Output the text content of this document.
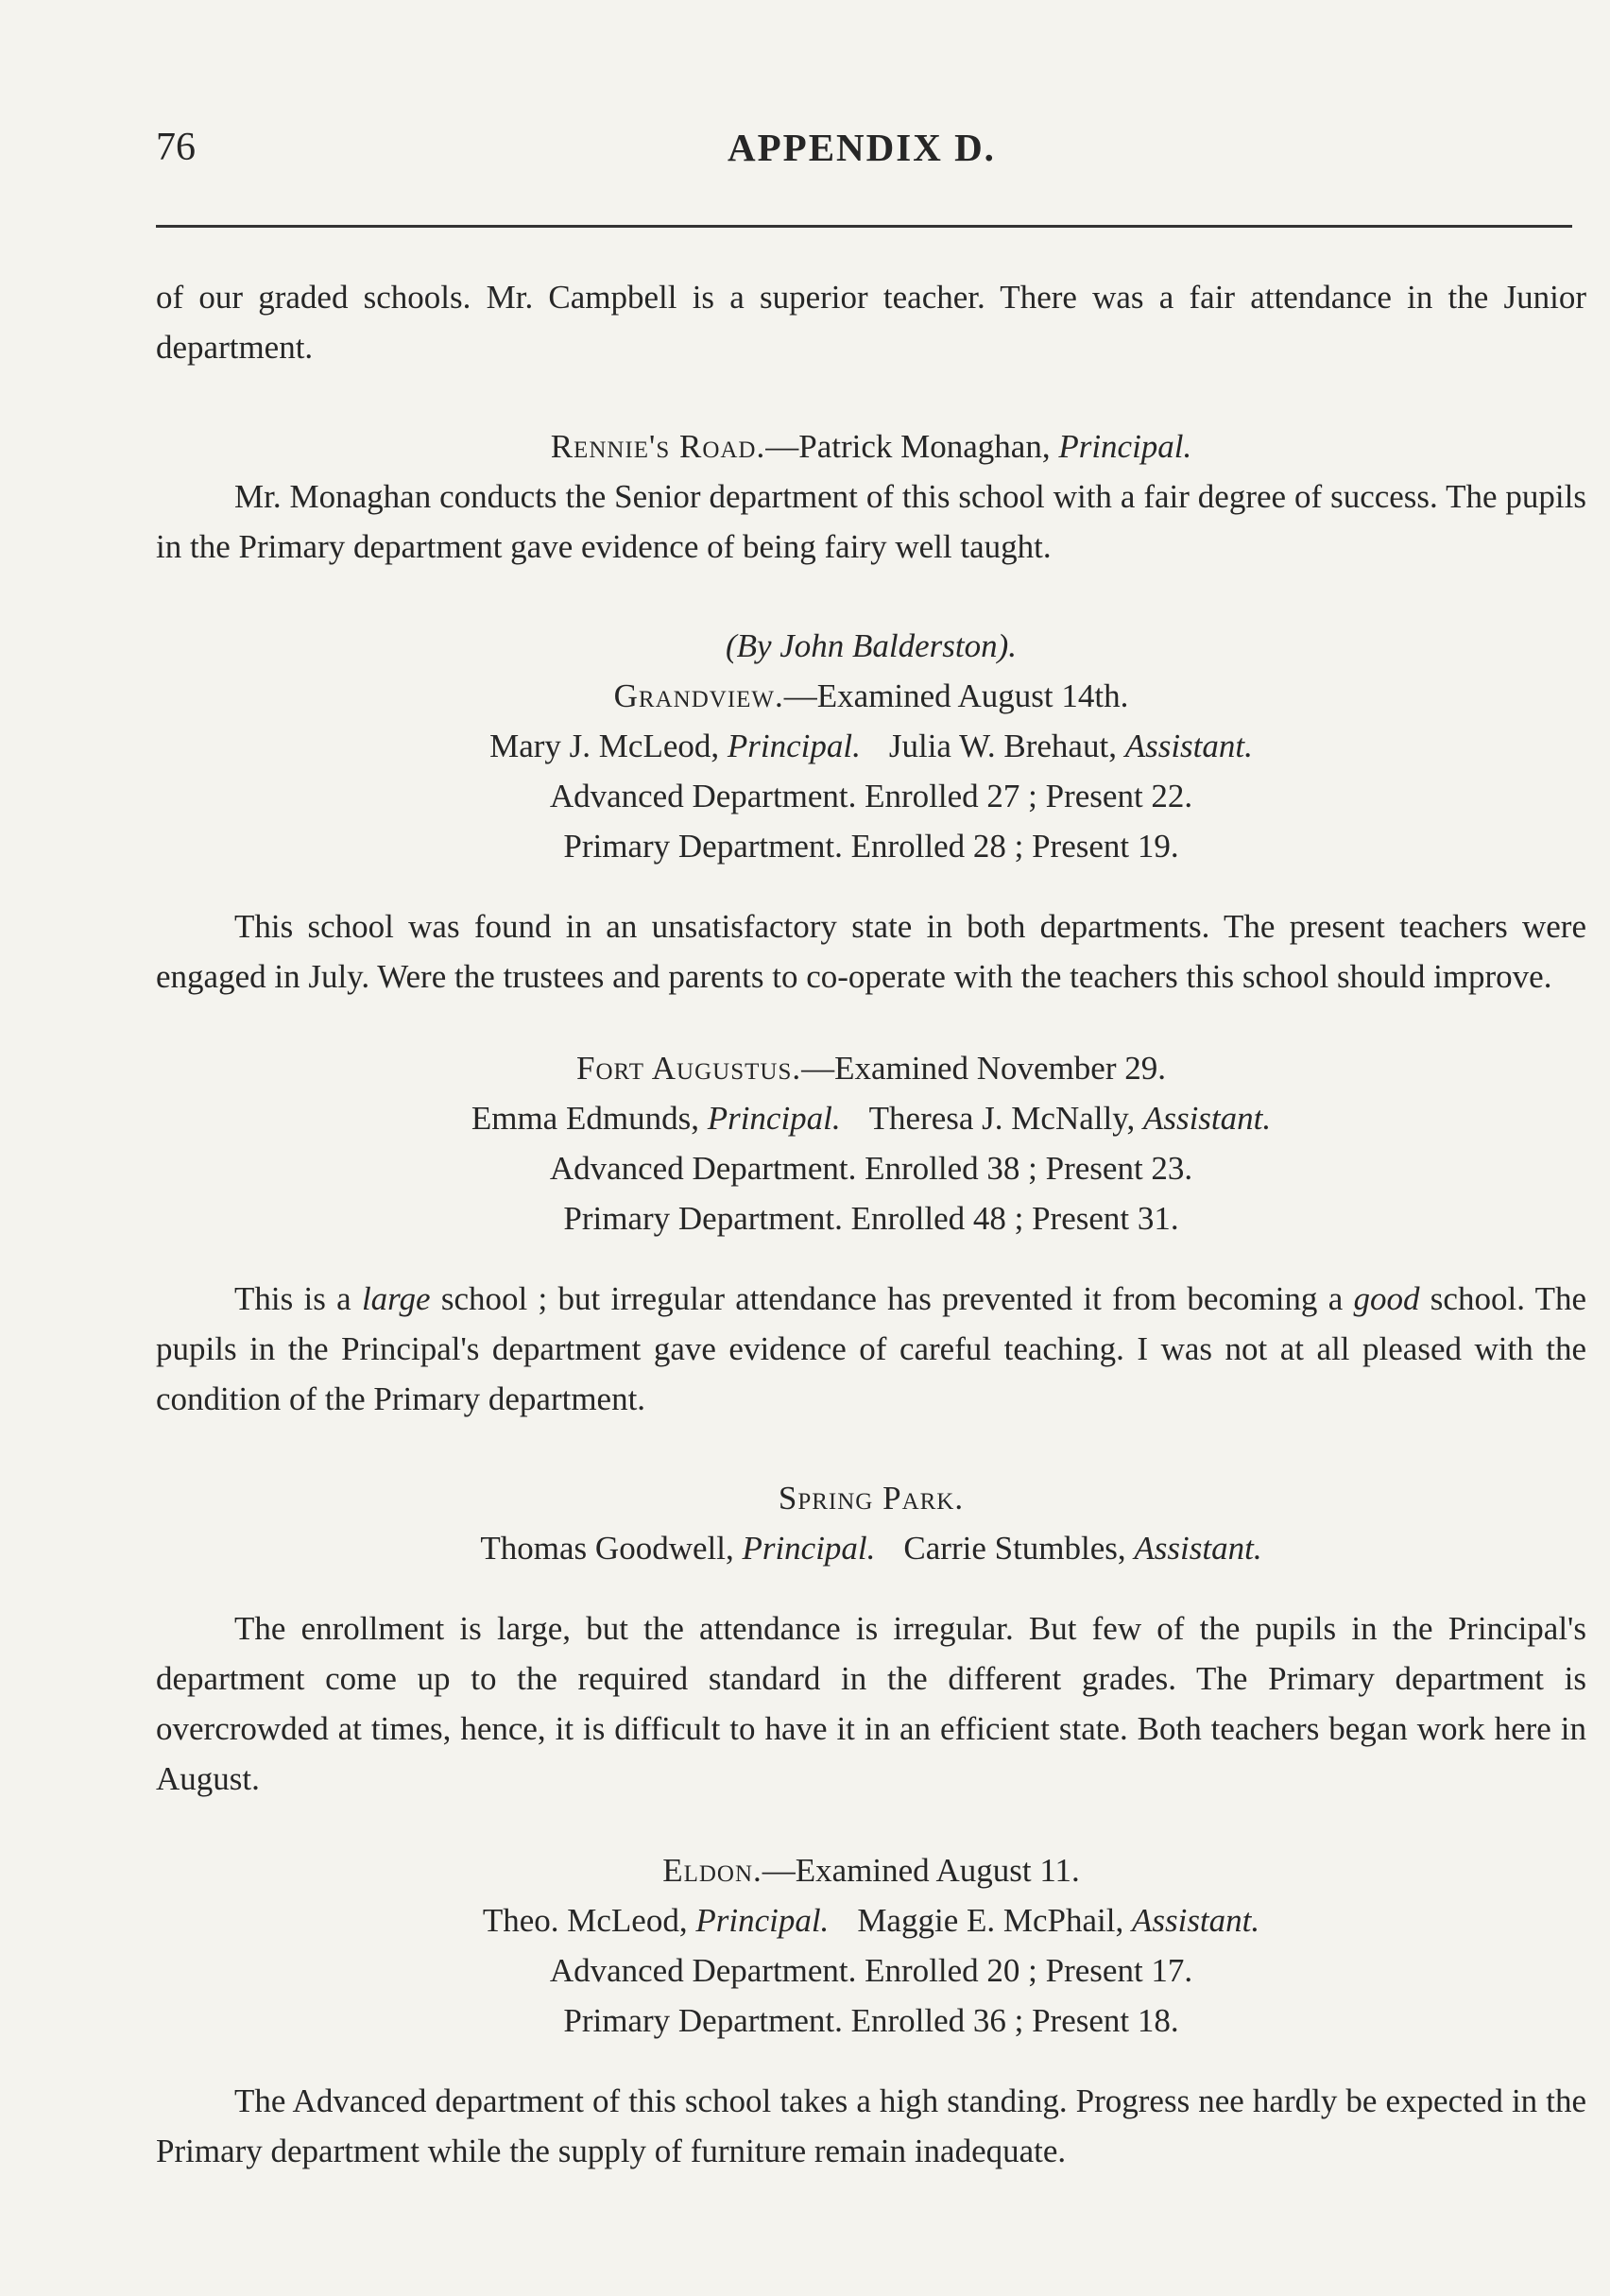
76	APPENDIX D.

of our graded schools. Mr. Campbell is a superior teacher. There was a fair attendance in the Junior department.

Rennie's Road.—Patrick Monaghan, Principal.

Mr. Monaghan conducts the Senior department of this school with a fair degree of success. The pupils in the Primary department gave evidence of being fairy well taught.

(By John Balderston).
Grandview.—Examined August 14th.
Mary J. McLeod, Principal. Julia W. Brehaut, Assistant.
Advanced Department. Enrolled 27 ; Present 22.
Primary Department. Enrolled 28 ; Present 19.

This school was found in an unsatisfactory state in both departments. The present teachers were engaged in July. Were the trustees and parents to co-operate with the teachers this school should improve.

Fort Augustus.—Examined November 29.
Emma Edmunds, Principal. Theresa J. McNally, Assistant.
Advanced Department. Enrolled 38 ; Present 23.
Primary Department. Enrolled 48 ; Present 31.

This is a large school ; but irregular attendance has prevented it from becoming a good school. The pupils in the Principal's department gave evidence of careful teaching. I was not at all pleased with the condition of the Primary department.

Spring Park.
Thomas Goodwell, Principal. Carrie Stumbles, Assistant.

The enrollment is large, but the attendance is irregular. But few of the pupils in the Principal's department come up to the required standard in the different grades. The Primary department is overcrowded at times, hence, it is difficult to have it in an efficient state. Both teachers began work here in August.

Eldon.—Examined August 11.
Theo. McLeod, Principal. Maggie E. McPhail, Assistant.
Advanced Department. Enrolled 20 ; Present 17.
Primary Department. Enrolled 36 ; Present 18.

The Advanced department of this school takes a high standing. Progress nee hardly be expected in the Primary department while the supply of furniture remain inadequate.
